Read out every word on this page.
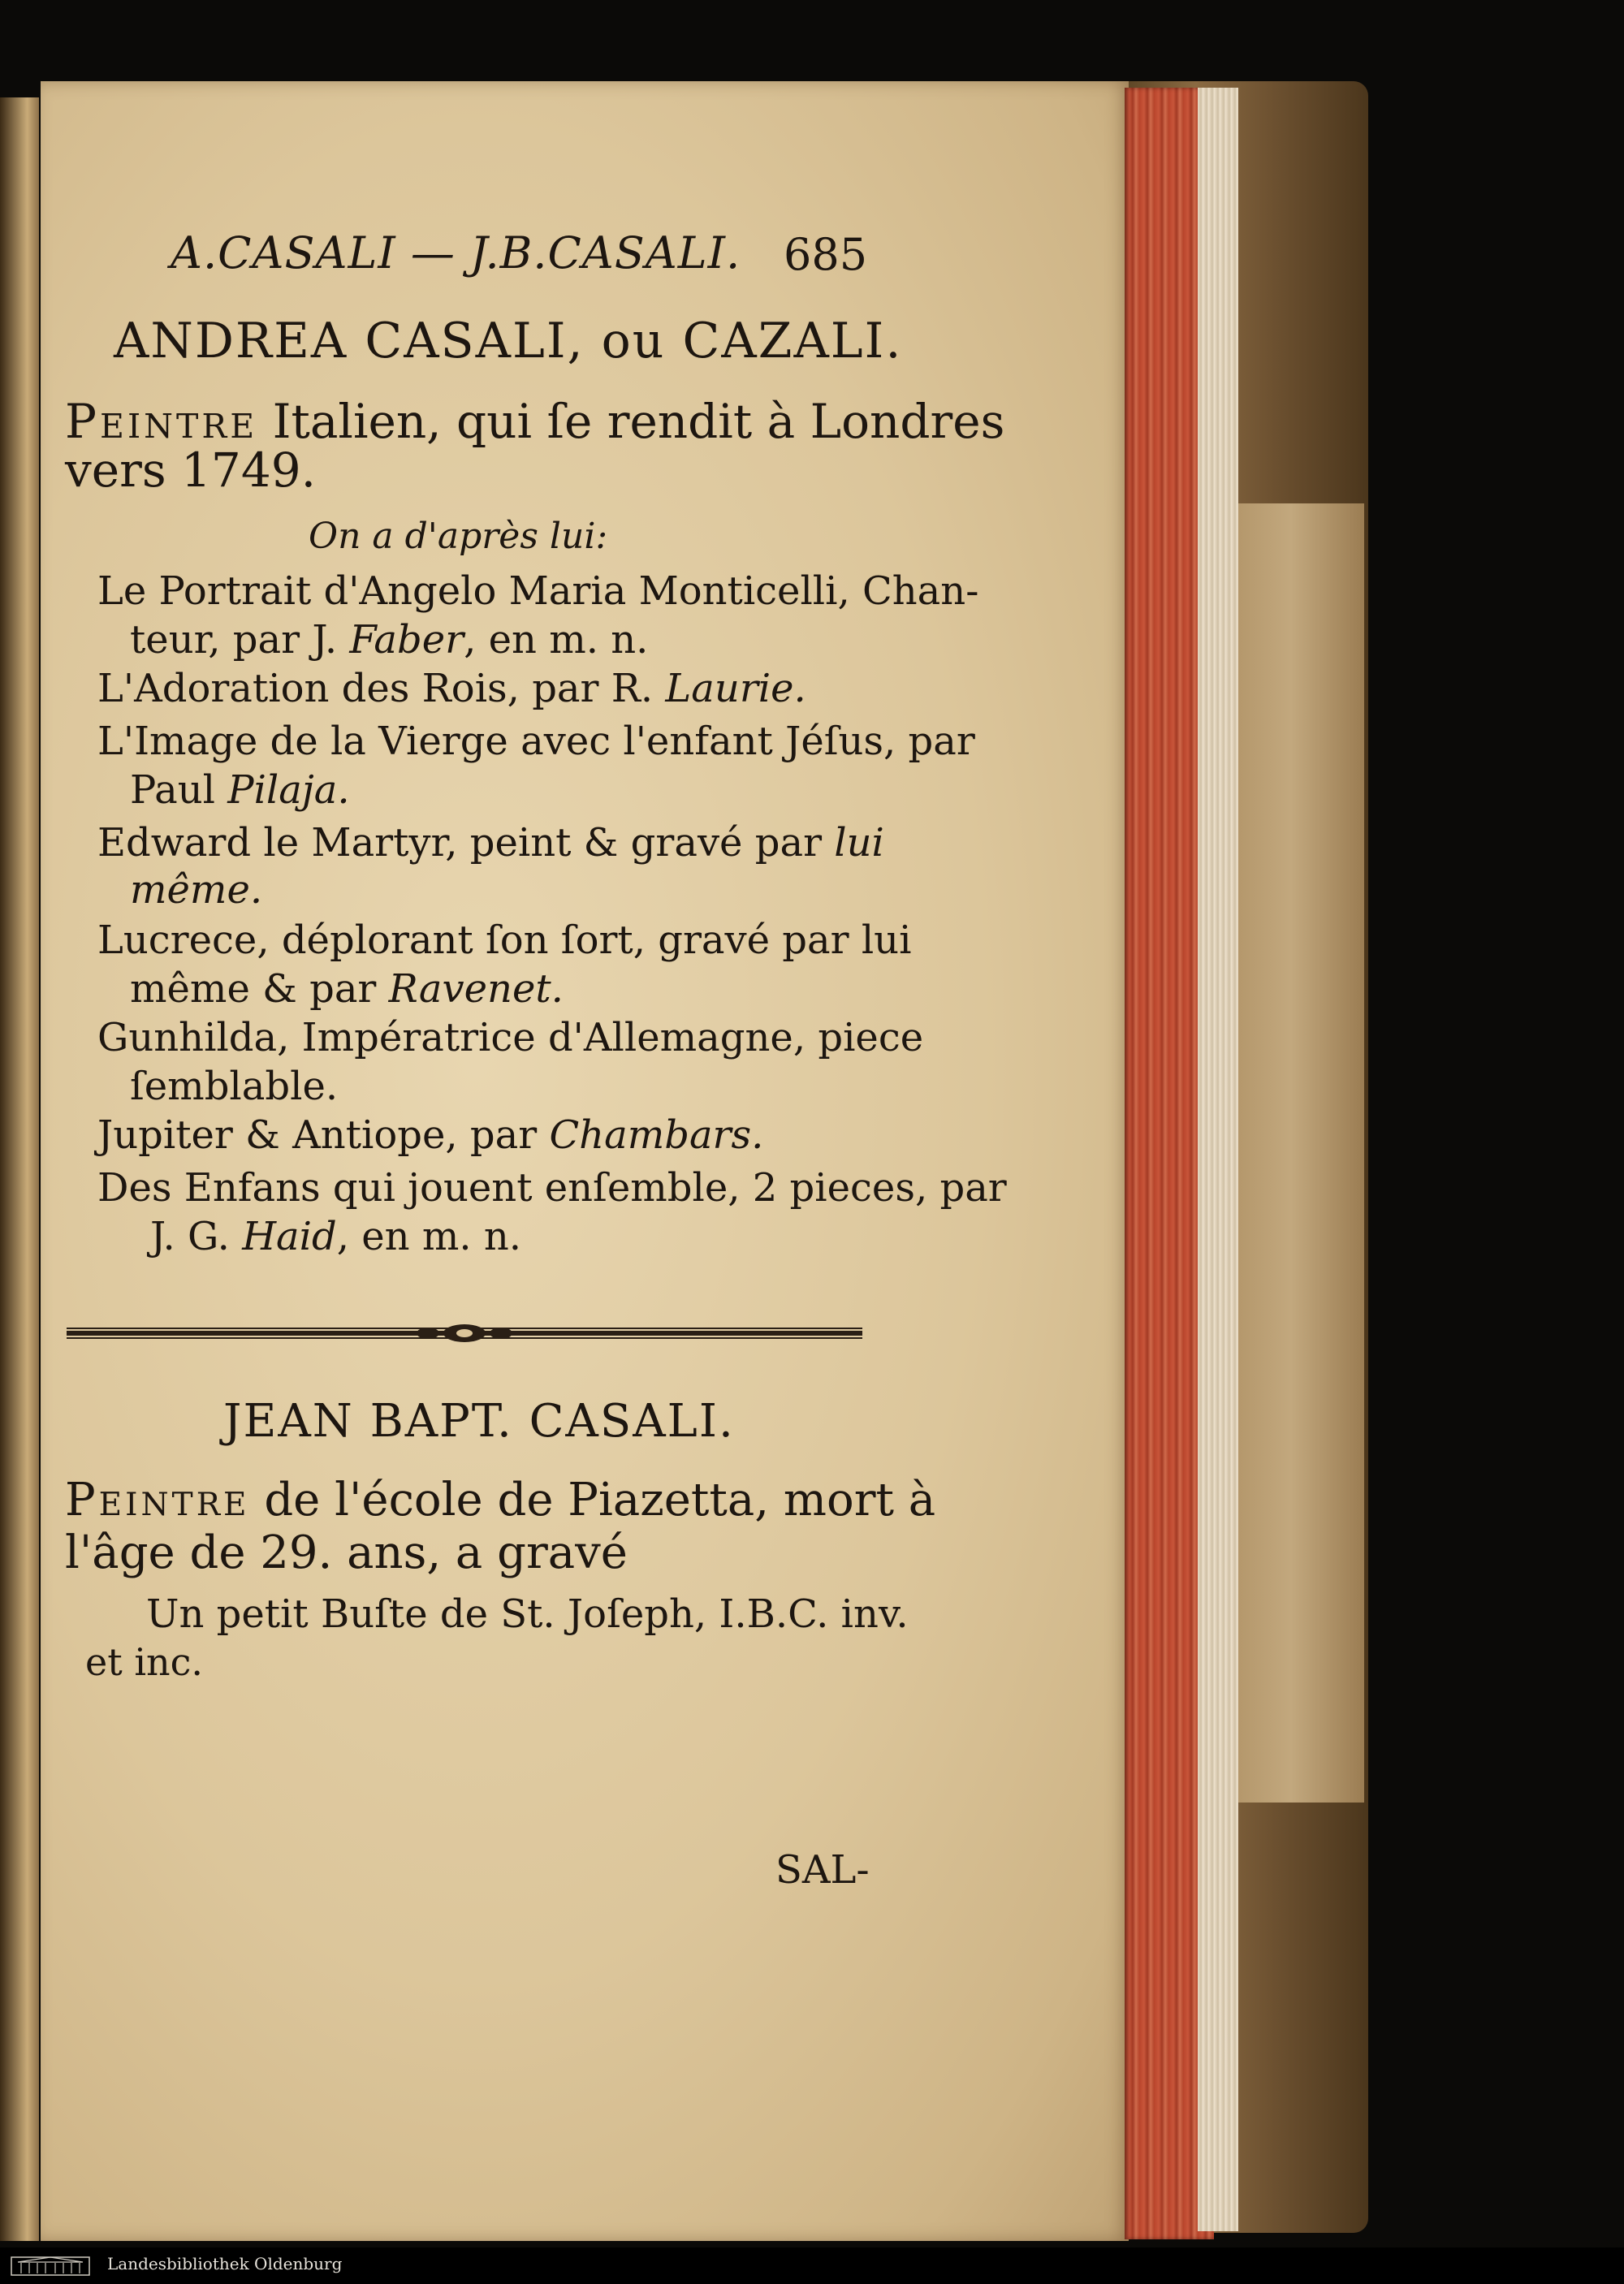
A.CASALI — J.B.CASALI. 685
ANDREA CASALI, ou CAZALI.
Peintre Italien, qui ſe rendit à Londres
vers 1749.
On a d'après lui:
Le Portrait d'Angelo Maria Monticelli, Chan-
teur, par J. Faber, en m. n.
L'Adoration des Rois, par R. Laurie.
L'Image de la Vierge avec l'enfant Jéſus, par
Paul Pilaja.
Edward le Martyr, peint & gravé par lui
même.
Lucrece, déplorant ſon ſort, gravé par lui
même & par Ravenet.
Gunhilda, Impératrice d'Allemagne, piece
ſemblable.
Jupiter & Antiope, par Chambars.
Des Enfans qui jouent enſemble, 2 pieces, par
J. G. Haid, en m. n.
JEAN BAPT. CASALI.
Peintre de l'école de Piazetta, mort à
l'âge de 29. ans, a gravé
Un petit Buſte de St. Joſeph, I.B.C. inv.
et inc.
SAL-
Landesbibliothek Oldenburg
